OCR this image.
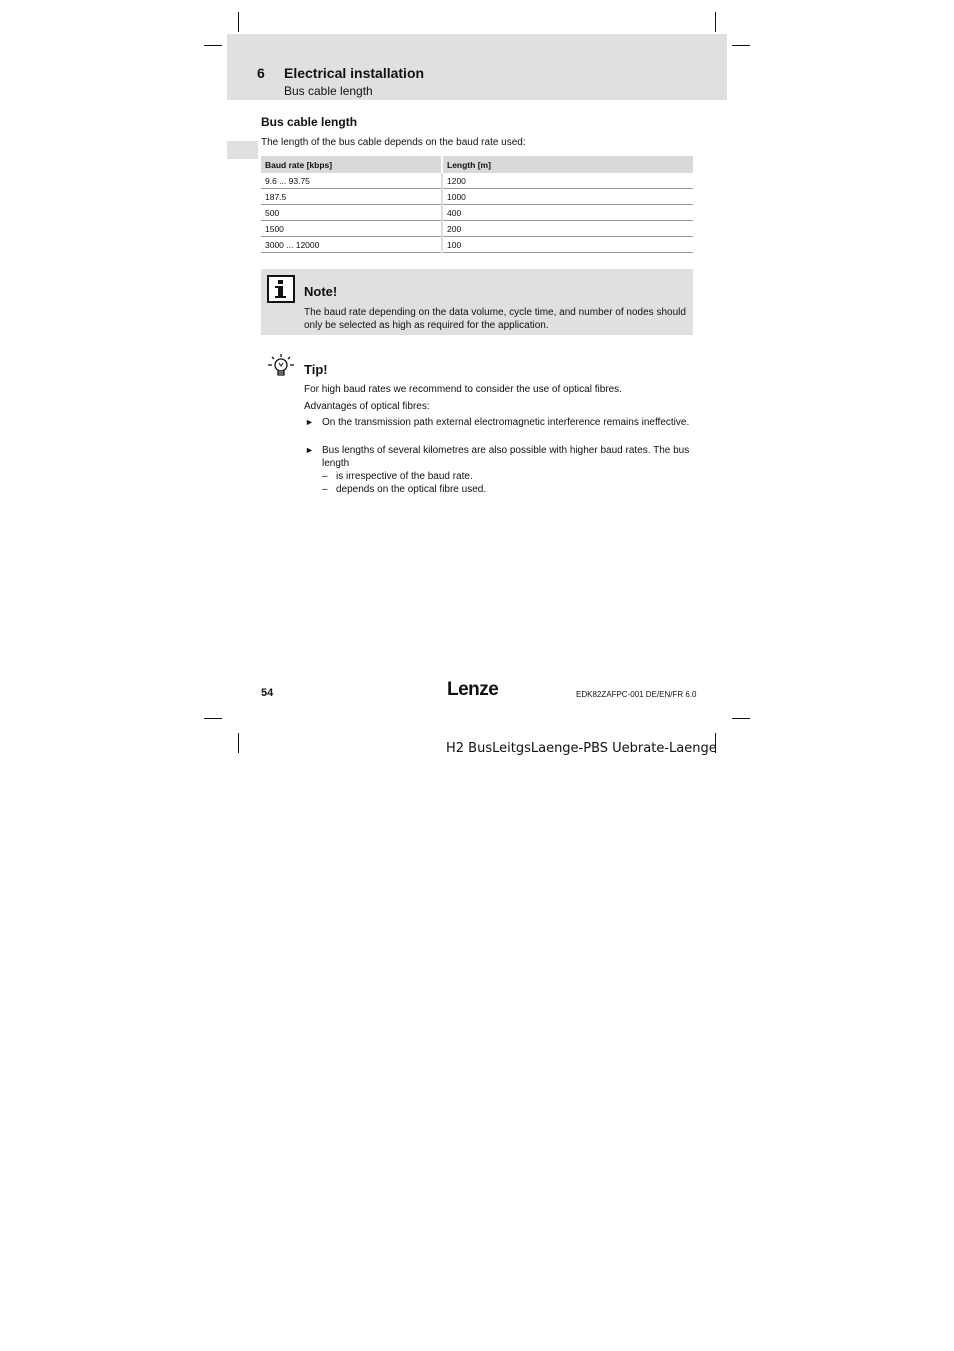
6 Electrical installation
Bus cable length
Bus cable length
The length of the bus cable depends on the baud rate used:
Baud rate [kbps]	Length [m]
9.6 ... 93.75	1200
187.5	1000
500	400
1500	200
3000 ... 12000	100
Note!
The baud rate depending on the data volume, cycle time, and number of nodes should only be selected as high as required for the application.
Tip!
For high baud rates we recommend to consider the use of optical fibres.
Advantages of optical fibres:
► On the transmission path external electromagnetic interference remains ineffective.
► Bus lengths of several kilometres are also possible with higher baud rates. The bus length
– is irrespective of the baud rate.
– depends on the optical fibre used.
54	Lenze	EDK82ZAFPC-001 DE/EN/FR 6.0
H2 BusLeitgsLaenge-PBS Uebrate-Laenge
